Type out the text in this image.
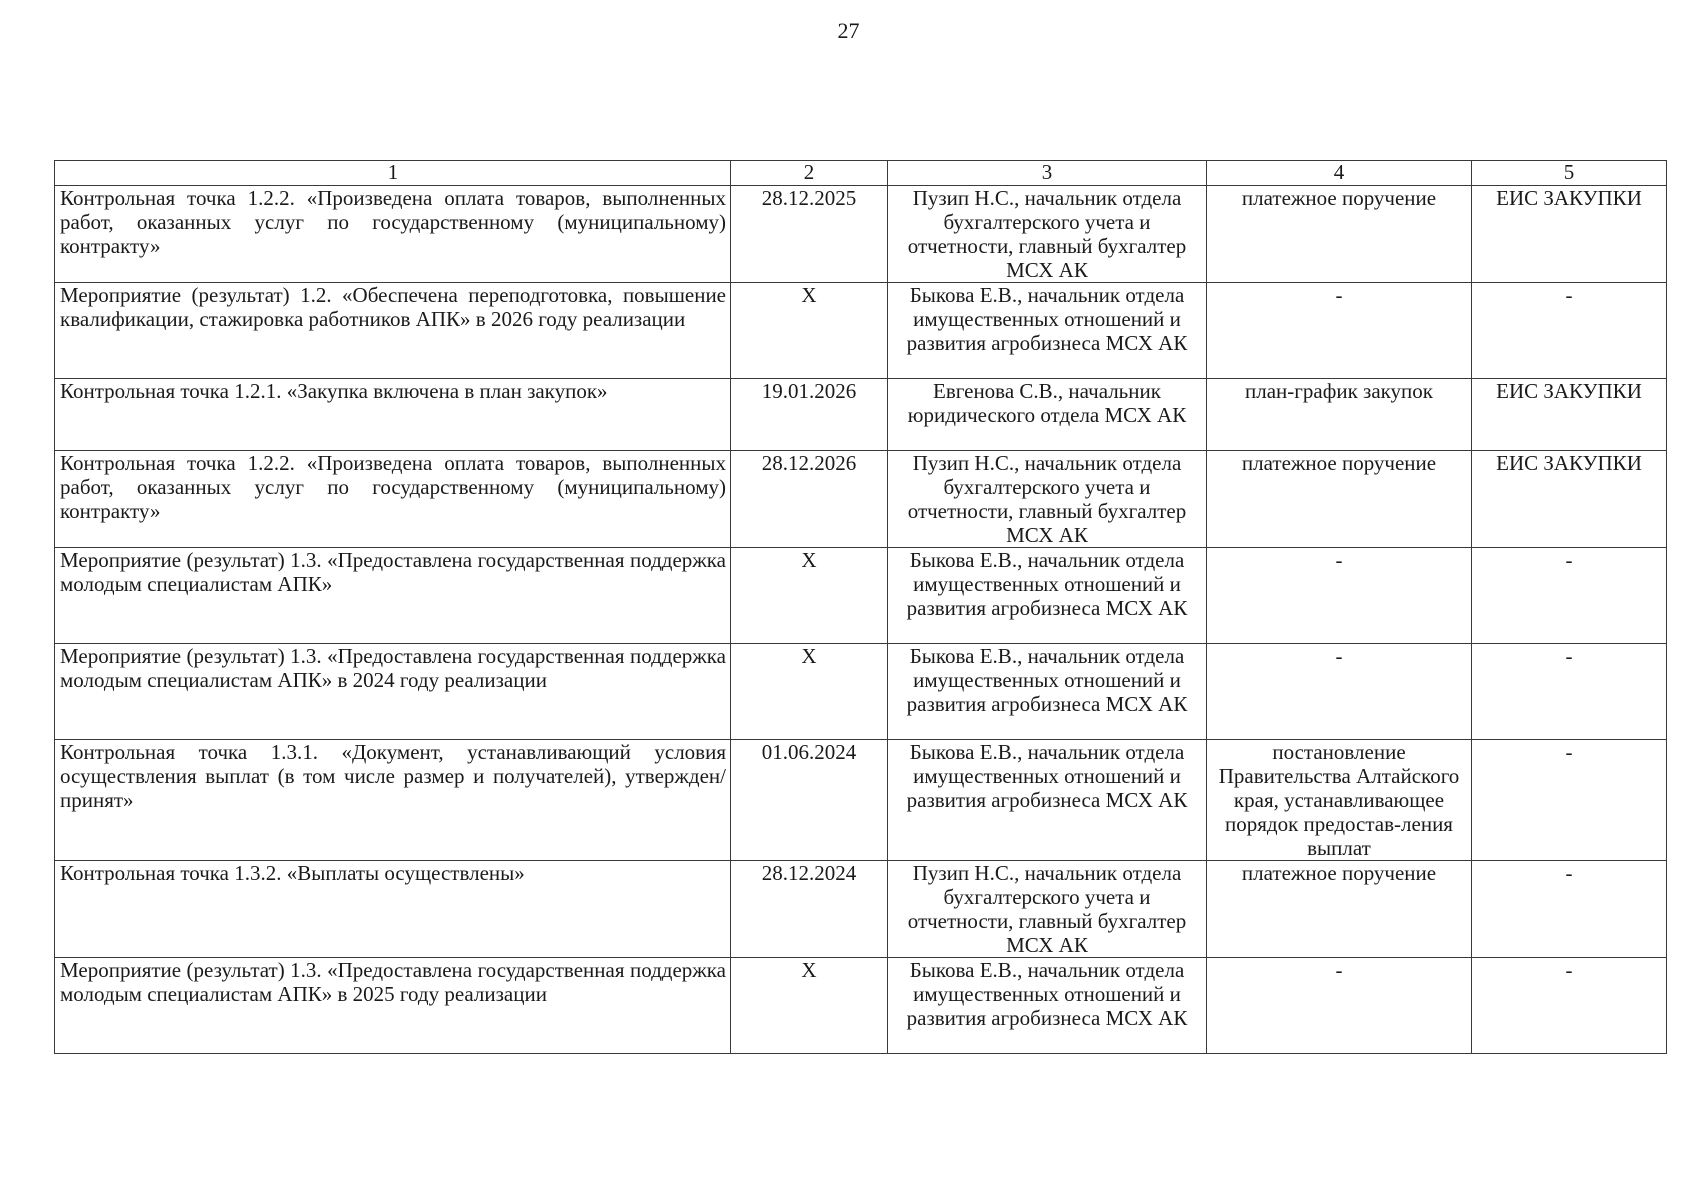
27
1	2	3	4	5
Контрольная точка 1.2.2. «Произведена оплата товаров, выполненных работ, оказанных услуг по государственному (муниципальному) контракту»	28.12.2025	Пузип Н.С., начальник отдела бухгалтерского учета и отчетности, главный бухгалтер МСХ АК	платежное поручение	ЕИС ЗАКУПКИ
Мероприятие (результат) 1.2. «Обеспечена переподготовка, повышение квалификации, стажировка работников АПК» в 2026 году реализации	X	Быкова Е.В., начальник отдела имущественных отношений и развития агробизнеса МСХ АК	-	-
Контрольная точка 1.2.1. «Закупка включена в план закупок»	19.01.2026	Евгенова С.В., начальник юридического отдела МСХ АК	план-график закупок	ЕИС ЗАКУПКИ
Контрольная точка 1.2.2. «Произведена оплата товаров, выполненных работ, оказанных услуг по государственному (муниципальному) контракту»	28.12.2026	Пузип Н.С., начальник отдела бухгалтерского учета и отчетности, главный бухгалтер МСХ АК	платежное поручение	ЕИС ЗАКУПКИ
Мероприятие (результат) 1.3. «Предоставлена государственная поддержка молодым специалистам АПК»	X	Быкова Е.В., начальник отдела имущественных отношений и развития агробизнеса МСХ АК	-	-
Мероприятие (результат) 1.3. «Предоставлена государственная поддержка молодым специалистам АПК» в 2024 году реализации	X	Быкова Е.В., начальник отдела имущественных отношений и развития агробизнеса МСХ АК	-	-
Контрольная точка 1.3.1. «Документ, устанавливающий условия осуществления выплат (в том числе размер и получателей), утвержден/принят»	01.06.2024	Быкова Е.В., начальник отдела имущественных отношений и развития агробизнеса МСХ АК	постановление Правительства Алтайского края, устанавливающее порядок предостав-ления выплат	-
Контрольная точка 1.3.2. «Выплаты осуществлены»	28.12.2024	Пузип Н.С., начальник отдела бухгалтерского учета и отчетности, главный бухгалтер МСХ АК	платежное поручение	-
Мероприятие (результат) 1.3. «Предоставлена государственная поддержка молодым специалистам АПК» в 2025 году реализации	X	Быкова Е.В., начальник отдела имущественных отношений и развития агробизнеса МСХ АК	-	-
